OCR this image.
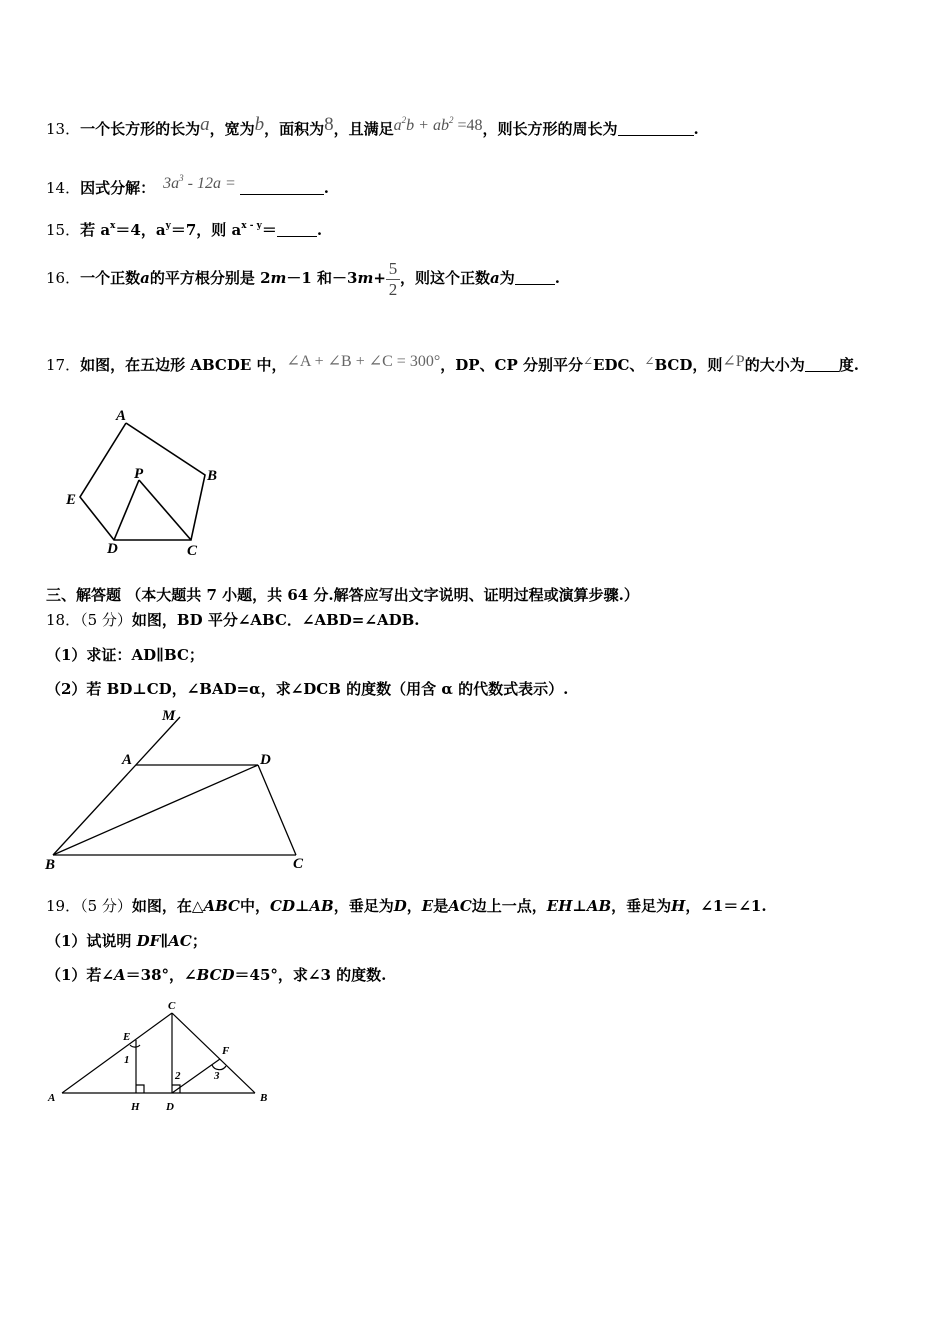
13．一个长方形的长为a，宽为b，面积为8，且满足$a^2b + ab^2 =48$，则长方形的周长为	.
14．因式分解： $3a^3 - 12a$ =	.
15．若 $a^x=4$，$a^y=7$，则 $a^{x - y}=$	.
16．一个正数a的平方根分别是 2m－1 和$-3m+ \frac{5}{2}$ ，则这个正数a为	.
17．如图，在五边形 ABCDE 中，∠A + ∠B + ∠C = 300°，DP、CP 分别平分∠EDC、∠BCD，则∠P的大小为 度.
A
B
C
D
E
P
三、解答题 （本大题共 7 小题，共 64 分.解答应写出文字说明、证明过程或演算步骤.）
18．（5 分）如图，BD 平分∠ABC．∠ABD=∠ADB.
（1）求证：AD∥BC；
（2）若 BD⊥CD，∠BAD=α，求∠DCB 的度数（用含 α 的代数式表示）.
M
A	D
B	C
19．（5 分）如图，在△ABC中，CD⊥AB，垂足为D，E是AC边上一点，EH⊥AB，垂足为H，∠1＝∠1.
（1）试说明 DF∥AC；
（1）若∠A＝38°，∠BCD＝45°，求∠3 的度数.
C
E
F
A
H D
B
1
2	3
